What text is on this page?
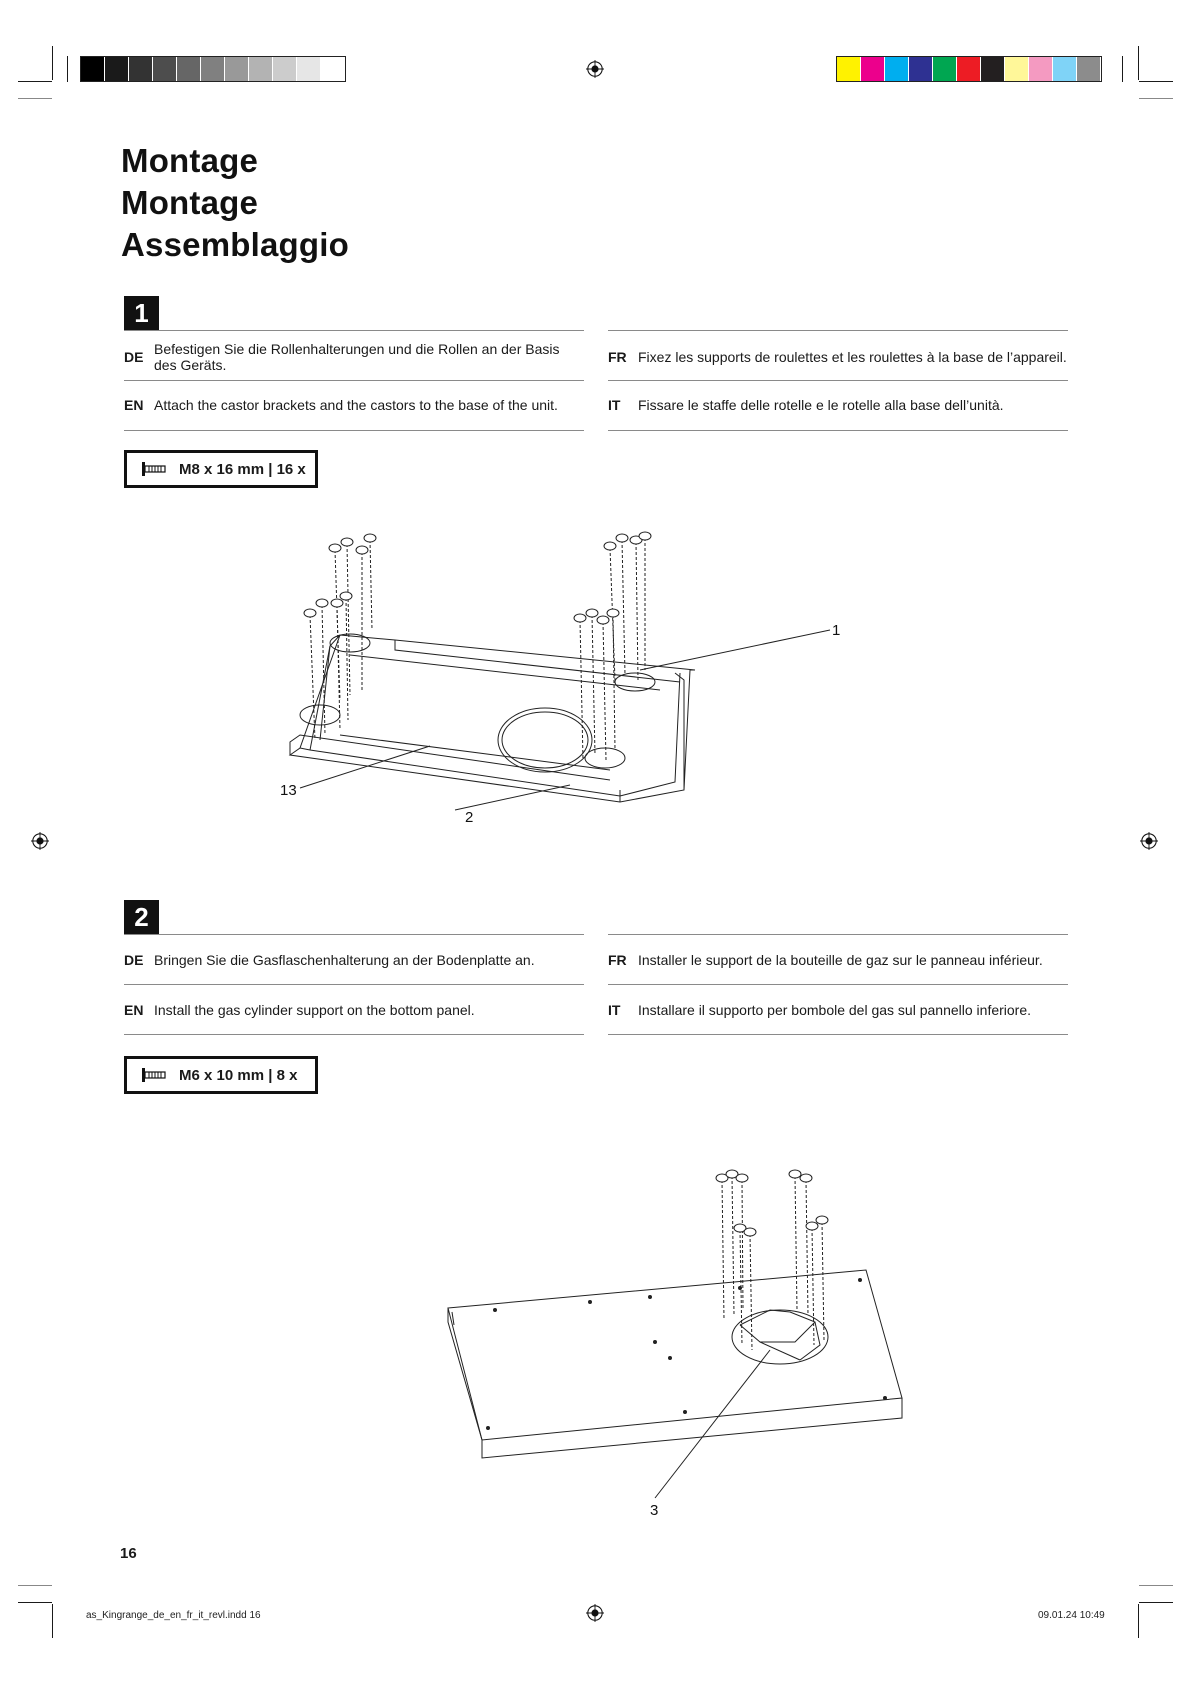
Montage
Montage
Assemblaggio
1
DE Befestigen Sie die Rollenhalterungen und die Rollen an der Basis des Geräts.	FR Fixez les supports de roulettes et les roulettes à la base de l’appareil.
EN Attach the castor brackets and the castors to the base of the unit.	IT	Fissare le staffe delle rotelle e le rotelle alla base dell’unità.
M8 x 16 mm | 16 x
1
13
2
2
DE Bringen Sie die Gasflaschenhalterung an der Bodenplatte an.	FR Installer le support de la bouteille de gaz sur le panneau inférieur.
EN Install the gas cylinder support on the bottom panel.	IT	Installare il supporto per bombole del gas sul pannello inferiore.
M6 x 10 mm | 8 x
3
16
as_Kingrange_de_en_fr_it_revl.indd 16	09.01.24 10:49
